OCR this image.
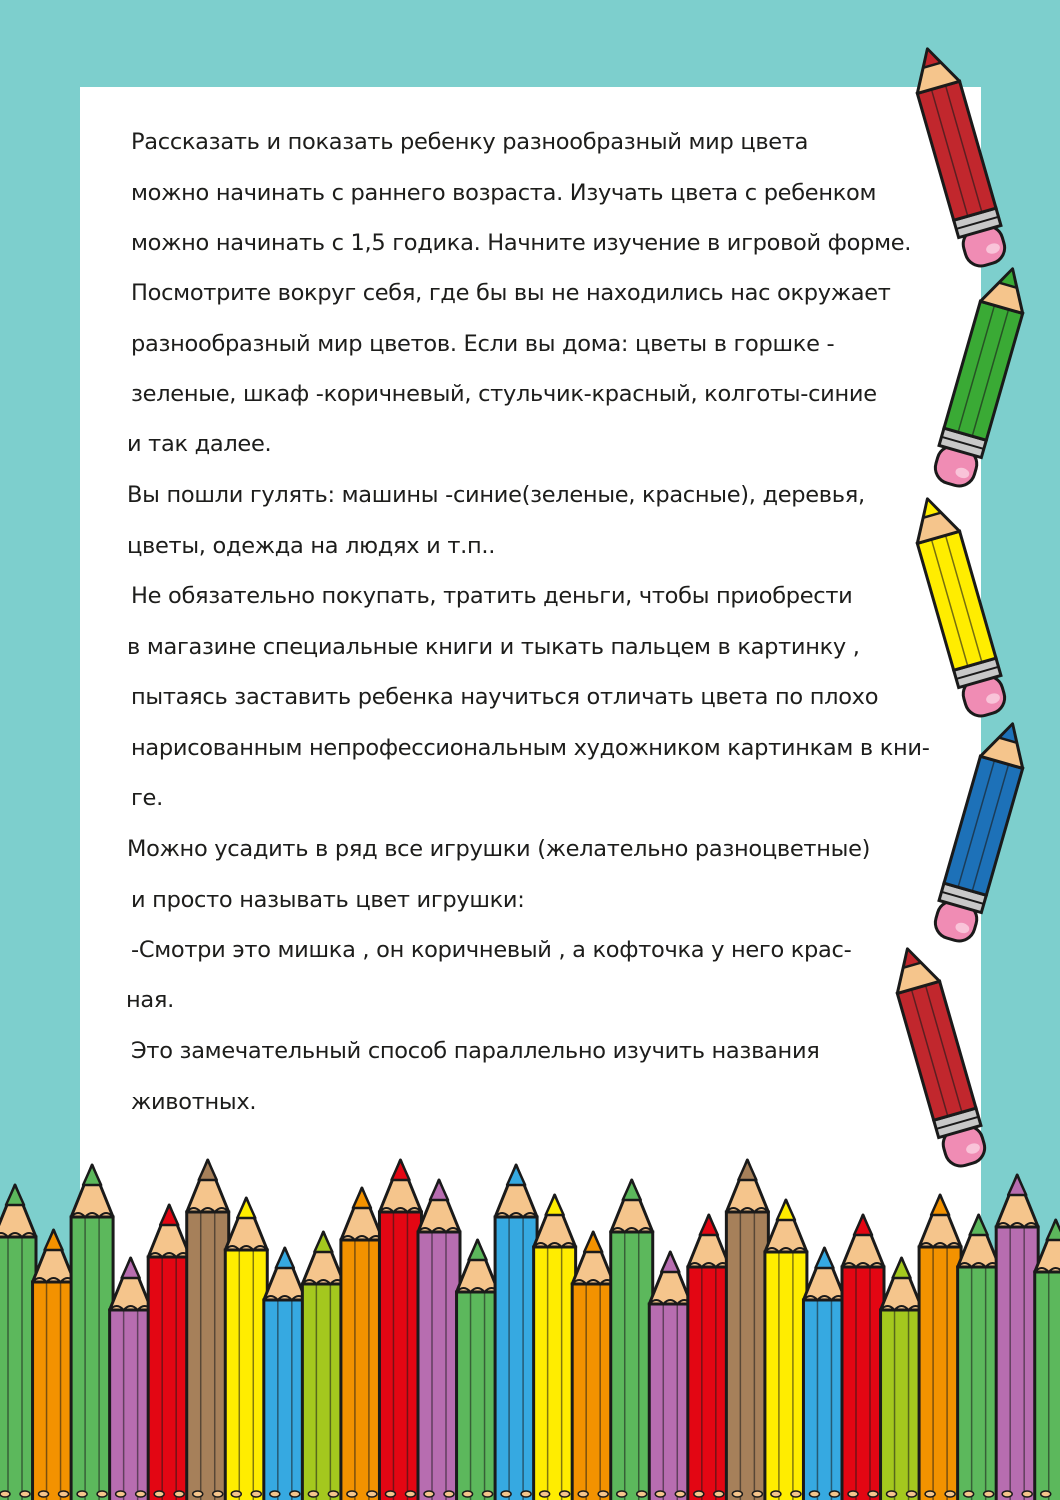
Рассказать и показать ребенку разнообразный мир цвета
можно начинать с раннего возраста. Изучать цвета с ребенком
можно начинать с 1,5 годика. Начните изучение в игровой форме.
Посмотрите вокруг себя, где бы вы не находились нас окружает
разнообразный мир цветов. Если вы дома: цветы в горшке -
зеленые, шкаф -коричневый, стульчик-красный, колготы-синие
и так далее.
Вы пошли гулять: машины -синие(зеленые, красные), деревья,
цветы, одежда на людях и т.п..
Не обязательно покупать, тратить деньги, чтобы приобрести
в магазине специальные книги и тыкать пальцем в картинку ,
пытаясь заставить ребенка научиться отличать цвета по плохо
нарисованным непрофессиональным художником картинкам в кни-
ге.
Можно усадить в ряд все игрушки (желательно разноцветные)
и просто называть цвет игрушки:
-Смотри это мишка , он коричневый , а кофточка у него крас-
ная.
Это замечательный способ параллельно изучить названия
животных.
